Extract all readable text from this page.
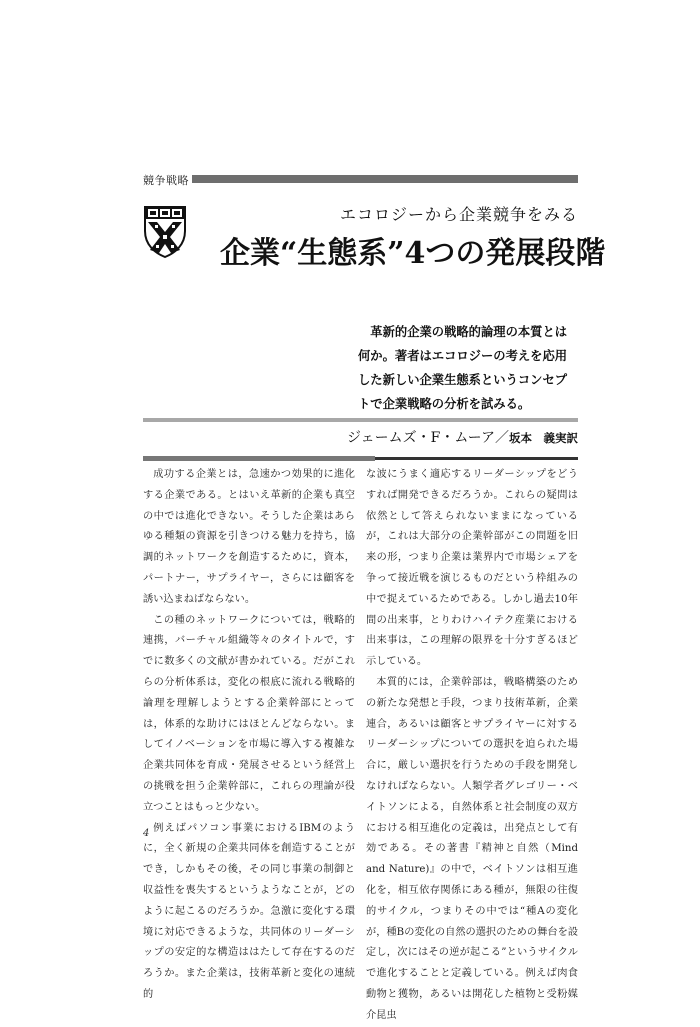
競争戦略
エコロジーから企業競争をみる
企業“生態系”4つの発展段階
革新的企業の戦略的論理の本質とは何か。著者はエコロジーの考えを応用した新しい企業生態系というコンセプトで企業戦略の分析を試みる。
ジェームズ・F・ムーア／坂本　義実訳

成功する企業とは，急速かつ効果的に進化する企業である。とはいえ革新的企業も真空の中では進化できない。そうした企業はあらゆる種類の資源を引きつける魅力を持ち，協調的ネットワークを創造するために，資本，パートナー，サプライヤー，さらには顧客を誘い込まねばならない。

この種のネットワークについては，戦略的連携，バーチャル組織等々のタイトルで，すでに数多くの文献が書かれている。だがこれらの分析体系は，変化の根底に流れる戦略的論理を理解しようとする企業幹部にとっては，体系的な助けにはほとんどならない。ましてイノベーションを市場に導入する複雑な企業共同体を育成・発展させるという経営上の挑戦を担う企業幹部に，これらの理論が役立つことはもっと少ない。

例えばパソコン事業におけるIBMのように，全く新規の企業共同体を創造することができ，しかもその後，その同じ事業の制御と収益性を喪失するというようなことが，どのように起こるのだろうか。急激に変化する環境に対応できるような，共同体のリーダーシップの安定的な構造ははたして存在するのだろうか。また企業は，技術革新と変化の連続的

な波にうまく適応するリーダーシップをどうすれば開発できるだろうか。これらの疑問は依然として答えられないままになっているが，これは大部分の企業幹部がこの問題を旧来の形，つまり企業は業界内で市場シェアを争って接近戦を演じるものだという枠組みの中で捉えているためである。しかし過去10年間の出来事，とりわけハイテク産業における出来事は，この理解の限界を十分すぎるほど示している。

本質的には，企業幹部は，戦略構築のための新たな発想と手段，つまり技術革新，企業連合，あるいは顧客とサプライヤーに対するリーダーシップについての選択を迫られた場合に，厳しい選択を行うための手段を開発しなければならない。人類学者グレゴリー・ベイトソンによる，自然体系と社会制度の双方における相互進化の定義は，出発点として有効である。その著書『精神と自然（Mind and Nature)』の中で，ベイトソンは相互進化を，相互依存関係にある種が，無限の往復的サイクル，つまりその中では“種Aの変化が，種Bの変化の自然の選択のための舞台を設定し，次にはその逆が起こる”というサイクルで進化することと定義している。例えば肉食動物と獲物，あるいは開花した植物と受粉媒介昆虫

4
